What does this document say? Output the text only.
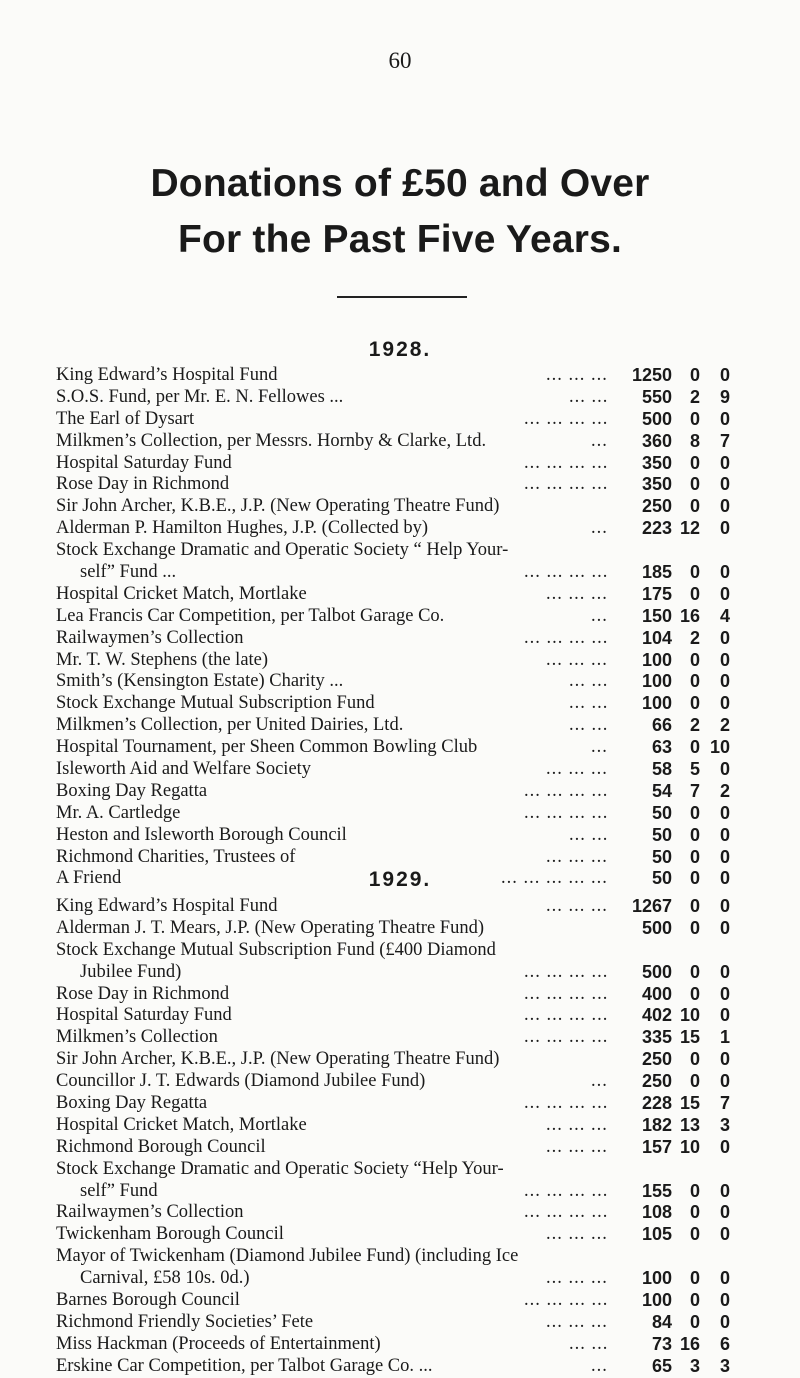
60
Donations of £50 and Over
For the Past Five Years.
1928.
King Edward’s Hospital Fund	... ... ...	1250 0	0
S.O.S. Fund, per Mr. E. N. Fellowes ...	... ...	550 2	9
The Earl of Dysart	... ... ... ...	500 0	0
Milkmen’s Collection, per Messrs. Hornby & Clarke, Ltd.	...	360 8	7
Hospital Saturday Fund	... ... ... ...	350 0	0
Rose Day in Richmond	... ... ... ...	350 0	0
Sir John Archer, K.B.E., J.P. (New Operating Theatre Fund)	250 0	0
Alderman P. Hamilton Hughes, J.P. (Collected by)	...	223 12	0
Stock Exchange Dramatic and Operatic Society “ Help Your-
self” Fund ...	... ... ... ...	185 0	0
Hospital Cricket Match, Mortlake	... ... ...	175 0	0
Lea Francis Car Competition, per Talbot Garage Co.	...	150 16	4
Railwaymen’s Collection	... ... ... ...	104 2	0
Mr. T. W. Stephens (the late)	... ... ...	100 0	0
Smith’s (Kensington Estate) Charity ...	... ...	100 0	0
Stock Exchange Mutual Subscription Fund	... ...	100 0	0
Milkmen’s Collection, per United Dairies, Ltd.	... ...	66 2	2
Hospital Tournament, per Sheen Common Bowling Club	...	63 0 10
Isleworth Aid and Welfare Society	... ... ...	58 5	0
Boxing Day Regatta	... ... ... ...	54 7	2
Mr. A. Cartledge	... ... ... ...	50 0	0
Heston and Isleworth Borough Council	... ...	50 0	0
Richmond Charities, Trustees of	... ... ...	50 0	0
A Friend	... ... ... ... ...	50 0	0
1929.
King Edward’s Hospital Fund	... ... ...	1267 0	0
Alderman J. T. Mears, J.P. (New Operating Theatre Fund)	500 0	0
Stock Exchange Mutual Subscription Fund (£400 Diamond
Jubilee Fund)	... ... ... ...	500 0	0
Rose Day in Richmond	... ... ... ...	400 0	0
Hospital Saturday Fund	... ... ... ...	402 10	0
Milkmen’s Collection	... ... ... ...	335 15	1
Sir John Archer, K.B.E., J.P. (New Operating Theatre Fund)	250 0	0
Councillor J. T. Edwards (Diamond Jubilee Fund)	...	250 0	0
Boxing Day Regatta	... ... ... ...	228 15	7
Hospital Cricket Match, Mortlake	... ... ...	182 13	3
Richmond Borough Council	... ... ...	157 10	0
Stock Exchange Dramatic and Operatic Society “Help Your-
self” Fund	... ... ... ...	155 0	0
Railwaymen’s Collection	... ... ... ...	108 0	0
Twickenham Borough Council	... ... ...	105 0	0
Mayor of Twickenham (Diamond Jubilee Fund) (including Ice
Carnival, £58 10s. 0d.)	... ... ...	100 0	0
Barnes Borough Council	... ... ... ...	100 0	0
Richmond Friendly Societies’ Fete	... ... ...	84 0	0
Miss Hackman (Proceeds of Entertainment)	... ...	73 16	6
Erskine Car Competition, per Talbot Garage Co. ...	...	65 3	3
